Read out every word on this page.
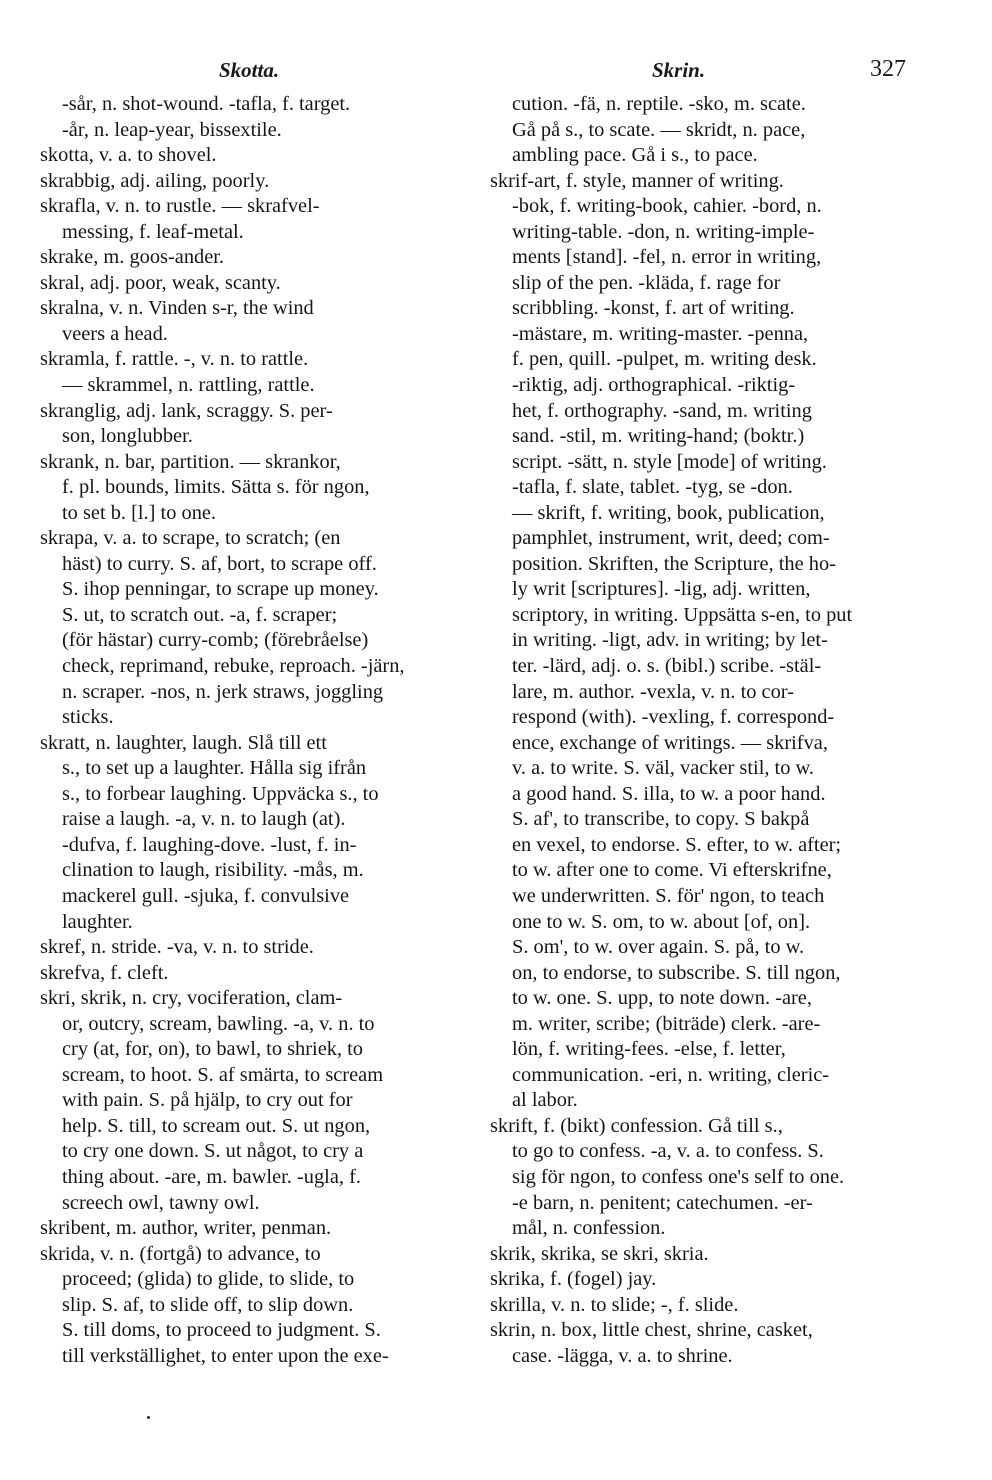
Skotta.	Skrin.	327
-sår, n. shot-wound. -tafla, f. target.
-år, n. leap-year, bissextile.
skotta, v. a. to shovel.
skrabbig, adj. ailing, poorly.
skrafla, v. n. to rustle. — skrafvel-
messing, f. leaf-metal.
skrake, m. goos-ander.
skral, adj. poor, weak, scanty.
skralna, v. n. Vinden s-r, the wind
veers a head.
skramla, f. rattle. -, v. n. to rattle.
— skrammel, n. rattling, rattle.
skranglig, adj. lank, scraggy. S. per-
son, longlubber.
skrank, n. bar, partition. — skrankor,
f. pl. bounds, limits. Sätta s. för ngon,
to set b. [l.] to one.
skrapa, v. a. to scrape, to scratch; (en
häst) to curry. S. af, bort, to scrape off.
S. ihop penningar, to scrape up money.
S. ut, to scratch out. -a, f. scraper;
(för hästar) curry-comb; (förebråelse)
check, reprimand, rebuke, reproach. -järn,
n. scraper. -nos, n. jerk straws, joggling
sticks.
skratt, n. laughter, laugh. Slå till ett
s., to set up a laughter. Hålla sig ifrån
s., to forbear laughing. Uppväcka s., to
raise a laugh. -a, v. n. to laugh (at).
-dufva, f. laughing-dove. -lust, f. in-
clination to laugh, risibility. -mås, m.
mackerel gull. -sjuka, f. convulsive
laughter.
skref, n. stride. -va, v. n. to stride.
skrefva, f. cleft.
skri, skrik, n. cry, vociferation, clam-
or, outcry, scream, bawling. -a, v. n. to
cry (at, for, on), to bawl, to shriek, to
scream, to hoot. S. af smärta, to scream
with pain. S. på hjälp, to cry out for
help. S. till, to scream out. S. ut ngon,
to cry one down. S. ut något, to cry a
thing about. -are, m. bawler. -ugla, f.
screech owl, tawny owl.
skribent, m. author, writer, penman.
skrida, v. n. (fortgå) to advance, to
proceed; (glida) to glide, to slide, to
slip. S. af, to slide off, to slip down.
S. till doms, to proceed to judgment. S.
till verkställighet, to enter upon the exe-
cution. -fä, n. reptile. -sko, m. scate.
Gå på s., to scate. — skridt, n. pace,
ambling pace. Gå i s., to pace.
skrif-art, f. style, manner of writing.
-bok, f. writing-book, cahier. -bord, n.
writing-table. -don, n. writing-imple-
ments [stand]. -fel, n. error in writing,
slip of the pen. -kläda, f. rage for
scribbling. -konst, f. art of writing.
-mästare, m. writing-master. -penna,
f. pen, quill. -pulpet, m. writing desk.
-riktig, adj. orthographical. -riktig-
het, f. orthography. -sand, m. writing
sand. -stil, m. writing-hand; (boktr.)
script. -sätt, n. style [mode] of writing.
-tafla, f. slate, tablet. -tyg, se -don.
— skrift, f. writing, book, publication,
pamphlet, instrument, writ, deed; com-
position. Skriften, the Scripture, the ho-
ly writ [scriptures]. -lig, adj. written,
scriptory, in writing. Uppsätta s-en, to put
in writing. -ligt, adv. in writing; by let-
ter. -lärd, adj. o. s. (bibl.) scribe. -stäl-
lare, m. author. -vexla, v. n. to cor-
respond (with). -vexling, f. correspond-
ence, exchange of writings. — skrifva,
v. a. to write. S. väl, vacker stil, to w.
a good hand. S. illa, to w. a poor hand.
S. af', to transcribe, to copy. S bakpå
en vexel, to endorse. S. efter, to w. after;
to w. after one to come. Vi efterskrifne,
we underwritten. S. för' ngon, to teach
one to w. S. om, to w. about [of, on].
S. om', to w. over again. S. på, to w.
on, to endorse, to subscribe. S. till ngon,
to w. one. S. upp, to note down. -are,
m. writer, scribe; (biträde) clerk. -are-
lön, f. writing-fees. -else, f. letter,
communication. -eri, n. writing, cleric-
al labor.
skrift, f. (bikt) confession. Gå till s.,
to go to confess. -a, v. a. to confess. S.
sig för ngon, to confess one's self to one.
-e barn, n. penitent; catechumen. -er-
mål, n. confession.
skrik, skrika, se skri, skria.
skrika, f. (fogel) jay.
skrilla, v. n. to slide; -, f. slide.
skrin, n. box, little chest, shrine, casket,
case. -lägga, v. a. to shrine.
